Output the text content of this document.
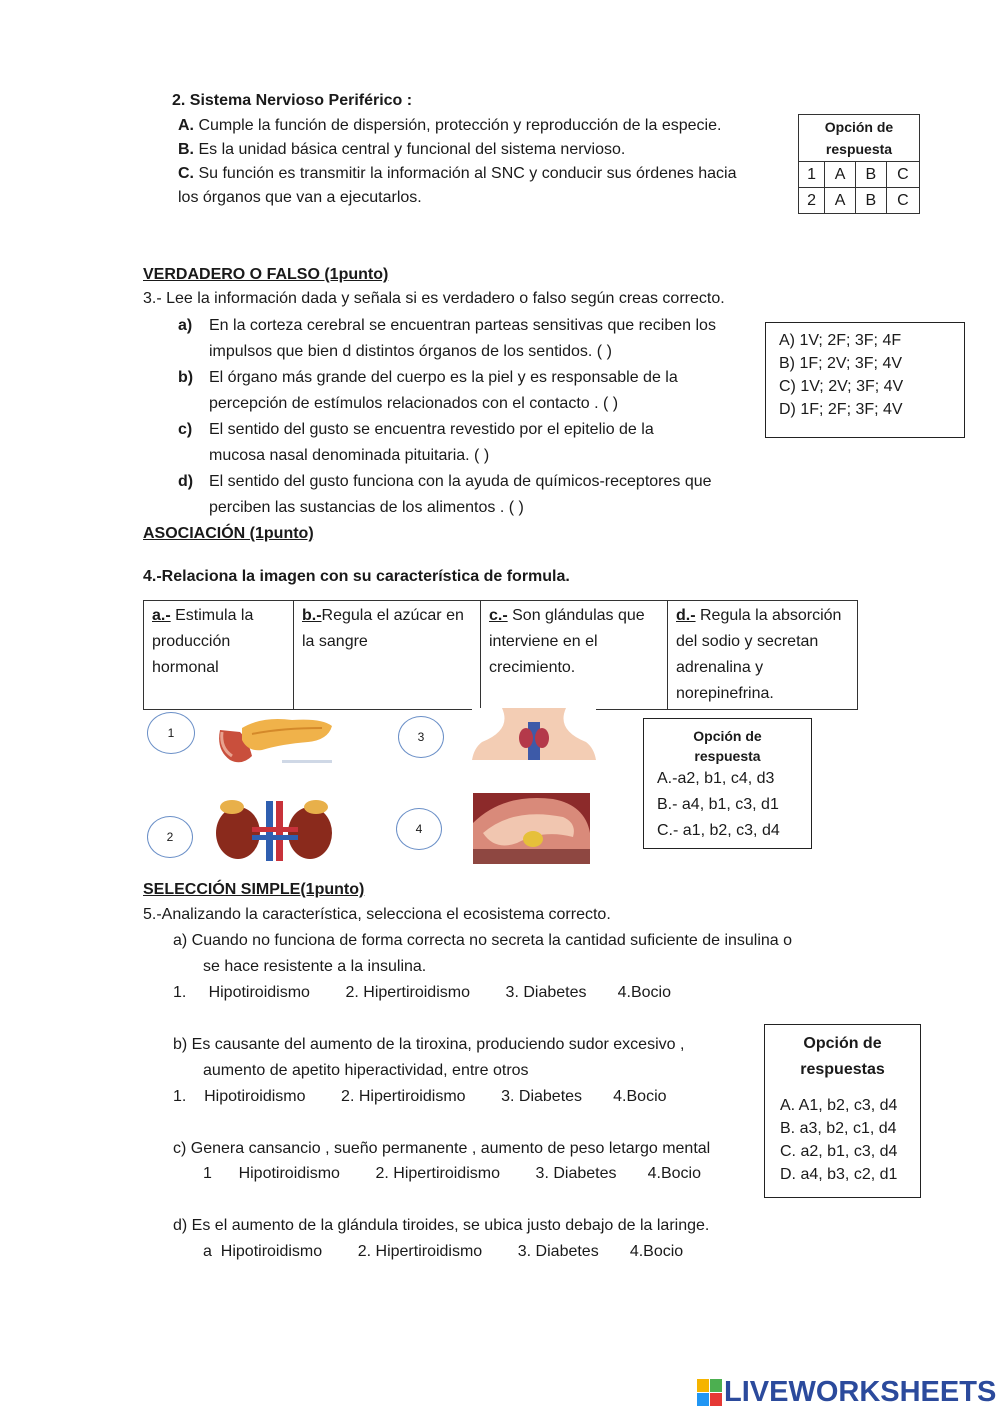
2. Sistema Nervioso Periférico :
A. Cumple la función de dispersión, protección y reproducción de la especie.
B. Es la unidad básica central y funcional del sistema nervioso.
C. Su función es transmitir la información al SNC y conducir sus órdenes hacia
los órganos que van a ejecutarlos.
Opción de
respuesta			
1	A	B	C
2	A	B	C
VERDADERO O FALSO (1punto)
3.- Lee la información dada y señala si es verdadero o falso según creas correcto.
a) En la corteza cerebral se encuentran parteas sensitivas que reciben los
impulsos que bien d distintos órganos de los sentidos. ( )
b) El órgano más grande del cuerpo es la piel y es responsable de la
percepción de estímulos relacionados con el contacto . ( )
c) El sentido del gusto se encuentra revestido por el epitelio de la
mucosa nasal denominada pituitaria. ( )
d) El sentido del gusto funciona con la ayuda de químicos-receptores que
perciben las sustancias de los alimentos . ( )
A) 1V; 2F; 3F; 4F
B) 1F; 2V; 3F; 4V
C) 1V; 2V; 3F; 4V
D) 1F; 2F; 3F; 4V
ASOCIACIÓN (1punto)
4.-Relaciona la imagen con su característica de formula.
a.- Estimula la producción hormonal	b.-Regula el azúcar en la sangre	c.- Son glándulas que interviene en el crecimiento.	d.- Regula la absorción del sodio y secretan adrenalina y norepinefrina.
1
2
3
4
Opción de
respuesta
A.-a2, b1, c4, d3
B.- a4, b1, c3, d1
C.- a1, b2, c3, d4
SELECCIÓN SIMPLE(1punto)
5.-Analizando la característica, selecciona el ecosistema correcto.
a) Cuando no funciona de forma correcta no secreta la cantidad suficiente de insulina o
se hace resistente a la insulina.
1.     Hipotiroidismo        2. Hipertiroidismo        3. Diabetes       4.Bocio
b) Es causante del aumento de la tiroxina, produciendo sudor excesivo ,
aumento de apetito hiperactividad, entre otros
1.    Hipotiroidismo        2. Hipertiroidismo        3. Diabetes       4.Bocio
c) Genera cansancio , sueño permanente , aumento de peso letargo mental
1      Hipotiroidismo        2. Hipertiroidismo        3. Diabetes       4.Bocio
d) Es el aumento de la glándula tiroides, se ubica justo debajo de la laringe.
a  Hipotiroidismo        2. Hipertiroidismo        3. Diabetes       4.Bocio
Opción de
respuestas
A. A1, b2, c3, d4
B. a3, b2, c1, d4
C. a2, b1, c3, d4
D. a4, b3, c2, d1
LIVEWORKSHEETS
